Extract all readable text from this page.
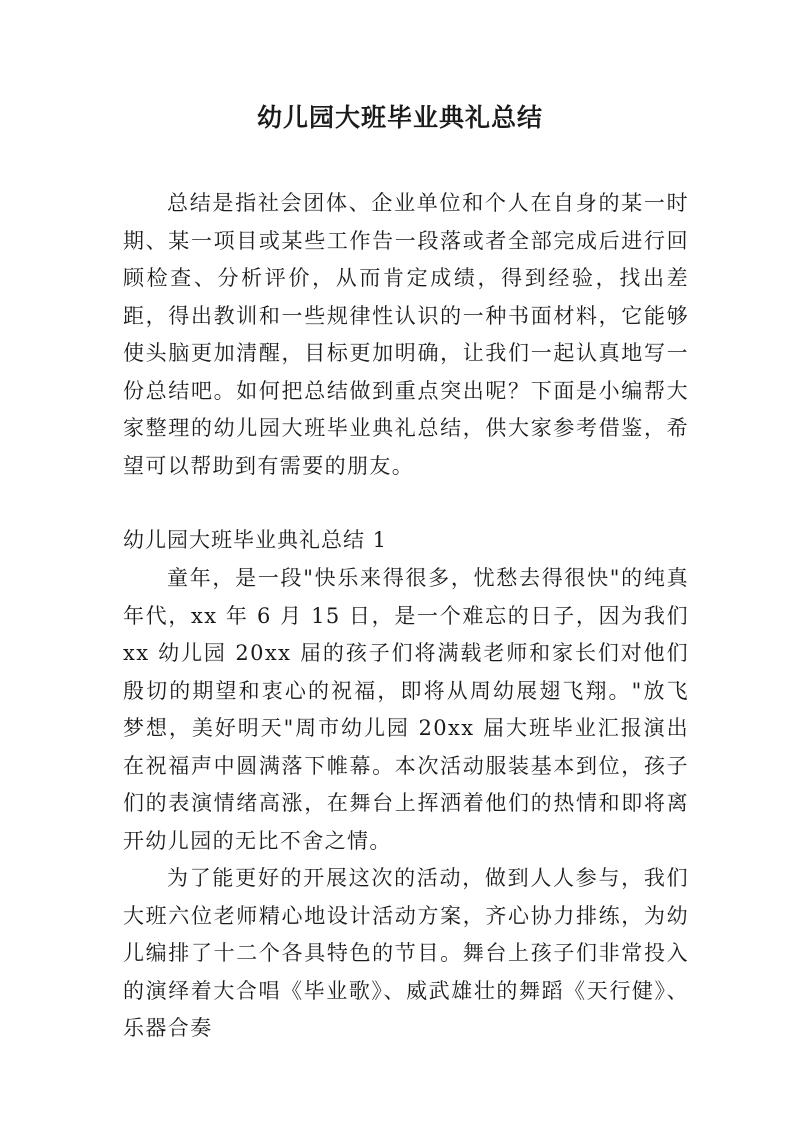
幼儿园大班毕业典礼总结

总结是指社会团体、企业单位和个人在自身的某一时期、某一项目或某些工作告一段落或者全部完成后进行回顾检查、分析评价，从而肯定成绩，得到经验，找出差距，得出教训和一些规律性认识的一种书面材料，它能够使头脑更加清醒，目标更加明确，让我们一起认真地写一份总结吧。如何把总结做到重点突出呢？下面是小编帮大家整理的幼儿园大班毕业典礼总结，供大家参考借鉴，希望可以帮助到有需要的朋友。

幼儿园大班毕业典礼总结 1

童年，是一段"快乐来得很多，忧愁去得很快"的纯真年代，xx 年 6 月 15 日，是一个难忘的日子，因为我们 xx 幼儿园 20xx 届的孩子们将满载老师和家长们对他们殷切的期望和衷心的祝福，即将从周幼展翅飞翔。"放飞梦想，美好明天"周市幼儿园 20xx 届大班毕业汇报演出在祝福声中圆满落下帷幕。本次活动服装基本到位，孩子们的表演情绪高涨，在舞台上挥洒着他们的热情和即将离开幼儿园的无比不舍之情。

为了能更好的开展这次的活动，做到人人参与，我们大班六位老师精心地设计活动方案，齐心协力排练，为幼儿编排了十二个各具特色的节目。舞台上孩子们非常投入的演绎着大合唱《毕业歌》、威武雄壮的舞蹈《天行健》、乐器合奏
